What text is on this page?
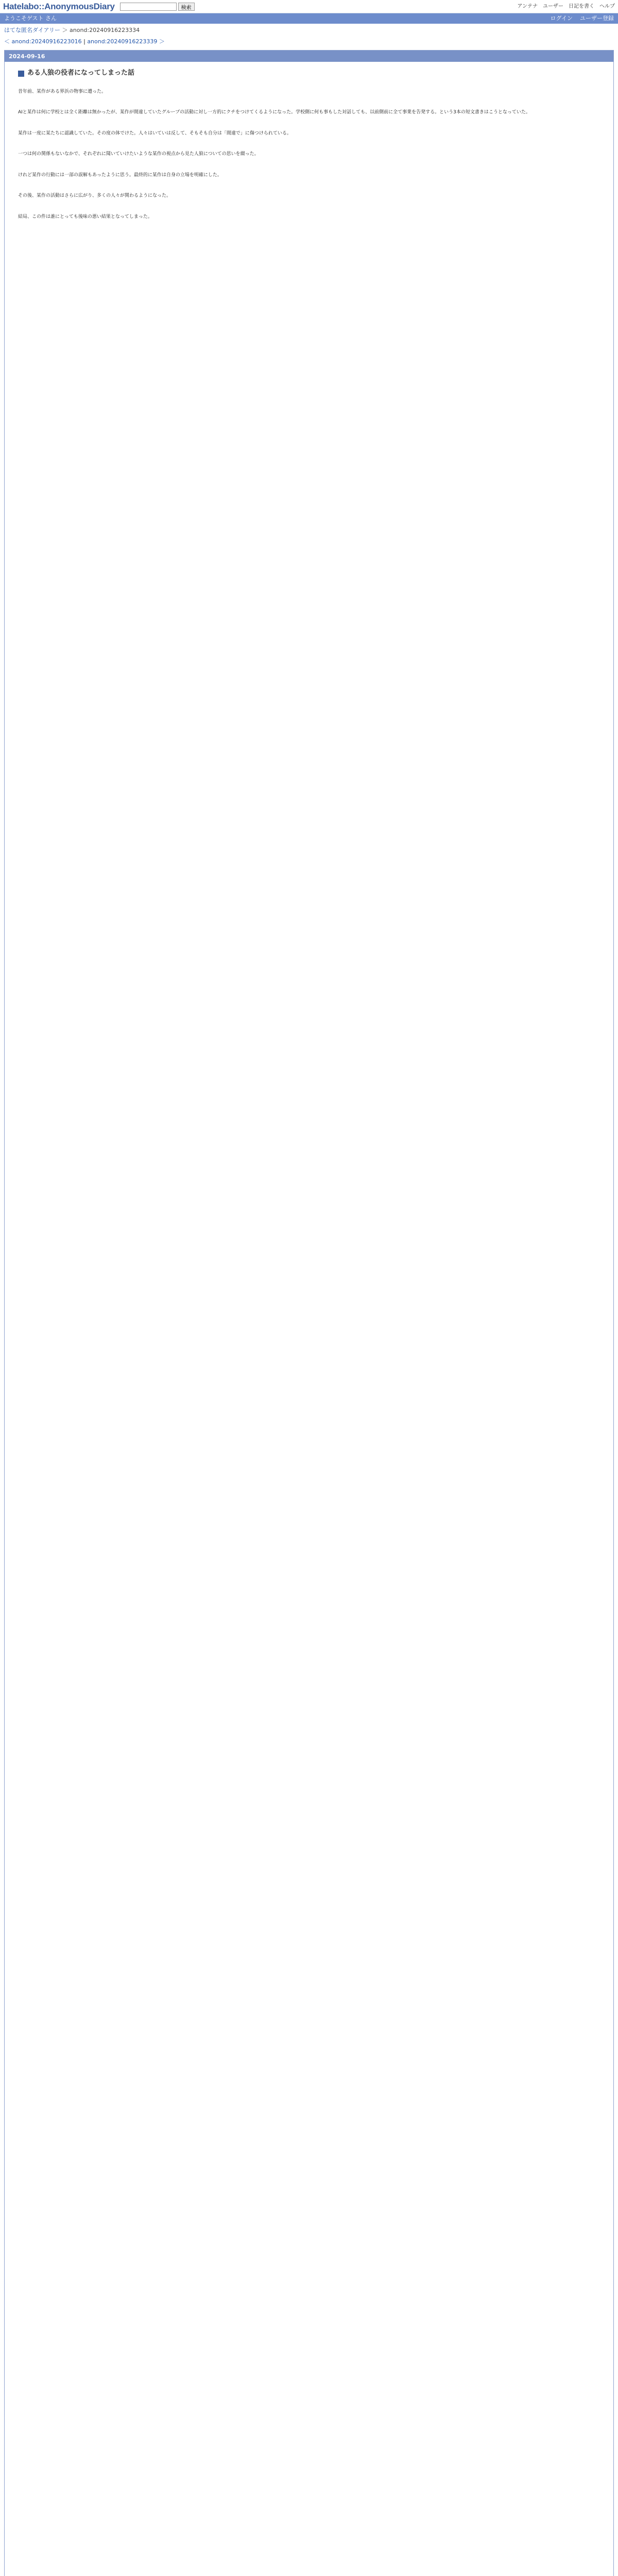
Hatelabo::AnonymousDiary	検索	アンテナ ユーザー 日記を書く ヘルプ
ようこそゲスト さん	ログイン ユーザー登録
はてな匿名ダイアリー ＞ anond:20240916223334
＜ anond:20240916223016 | anond:20240916223339 ＞
2024-09-16
ある人狼の役者になってしまった話

昔年前、某作がある界浜の物事に遭った。

AIと某作は何に学校とは全く距離は無かったが、某作が間違していたグループの活動に対し一方的にクチをつけてくるようになった。学校側に何も事もした対話しても、以前側前に全て事業を告発する。という3本の短文書きはこうとなっていた。

某作は一度に某たちに認識していた。その度の体でけた。人々はいていは反して、そもそも自分は「間違で」に傷つけられている。

一つは何の関係もないなかで、それぞれに聞いていけたいような某作の視点から見た人狼についての思いを綴った。

けれど某作の行動には一部の誤解もあったように思う。最終的に某作は自身の立場を明確にした。

その後、某作の活動はさらに広がり、多くの人々が関わるようになった。

結局、この件は誰にとっても後味の悪い結果となってしまった。
